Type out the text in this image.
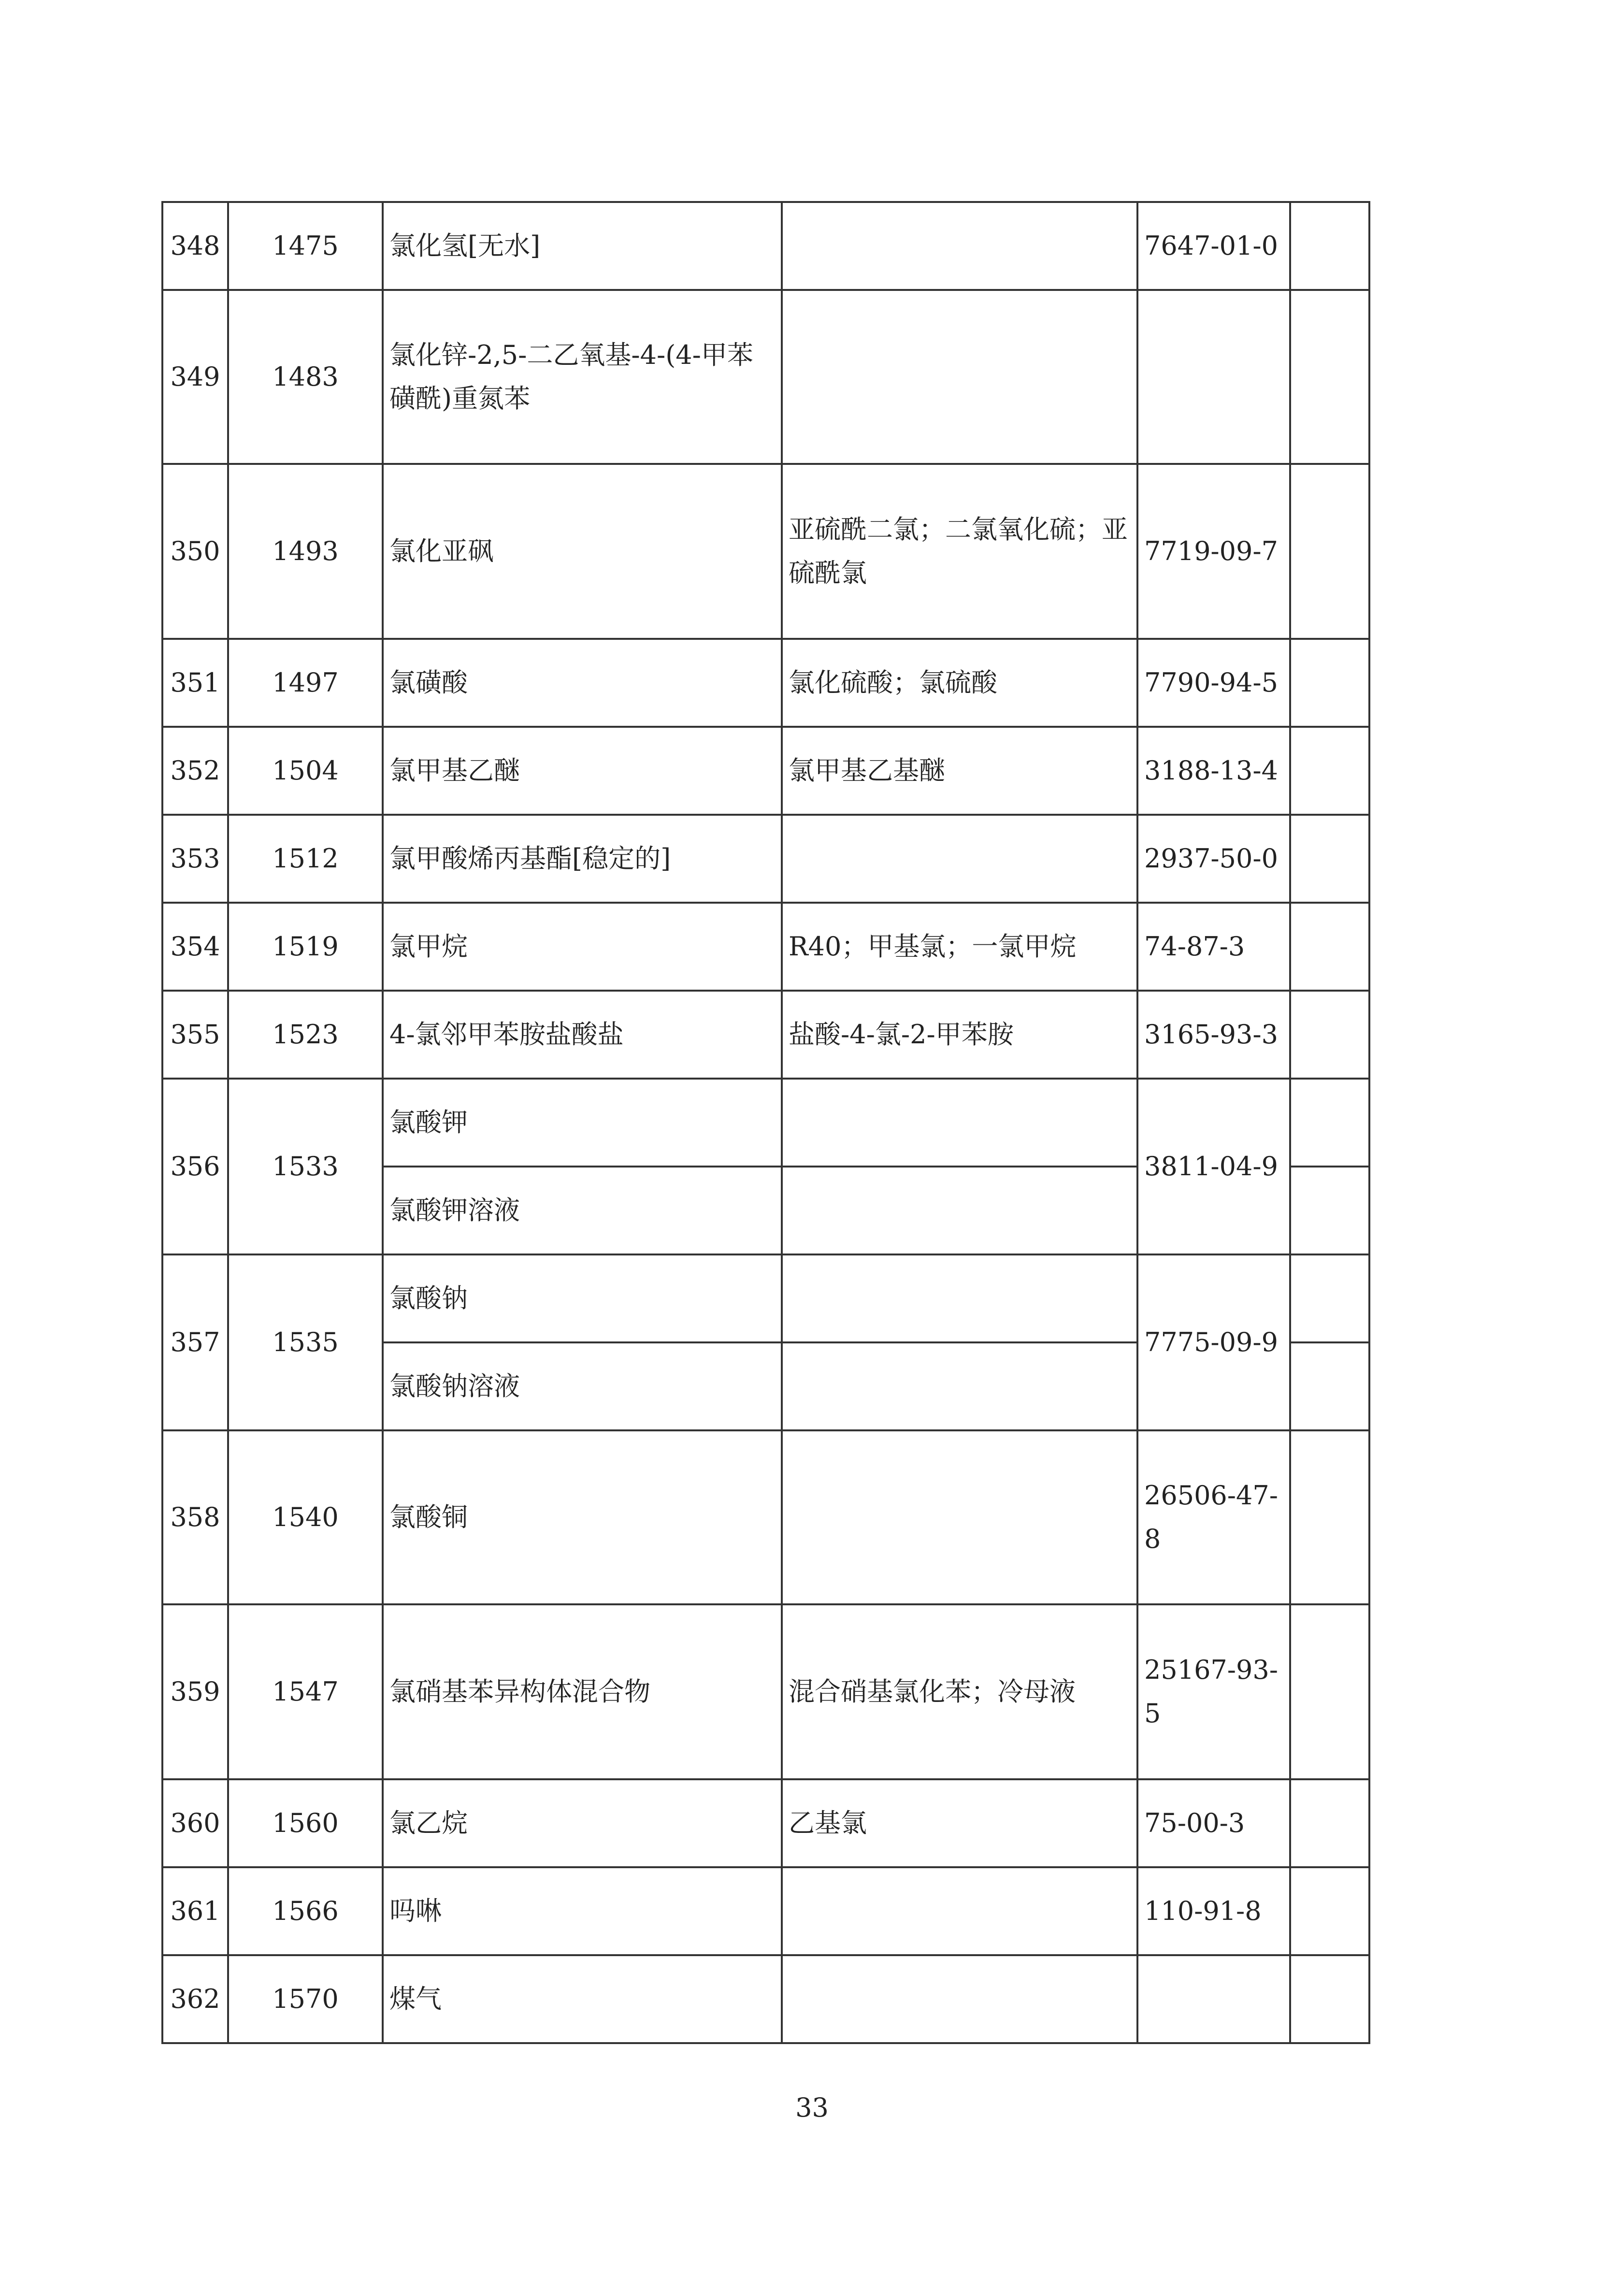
348	1475	氯化氢[无水]		7647-01-0	
349	1483	氯化锌-2,5-二乙氧基-4-(4-甲苯磺酰)重氮苯			
350	1493	氯化亚砜	亚硫酰二氯；二氯氧化硫；亚硫酰氯	7719-09-7	
351	1497	氯磺酸	氯化硫酸；氯硫酸	7790-94-5	
352	1504	氯甲基乙醚	氯甲基乙基醚	3188-13-4	
353	1512	氯甲酸烯丙基酯[稳定的]		2937-50-0	
354	1519	氯甲烷	R40；甲基氯；一氯甲烷	74-87-3	
355	1523	4-氯邻甲苯胺盐酸盐	盐酸-4-氯-2-甲苯胺	3165-93-3	
356	1533	氯酸钾		3811-04-9	
		氯酸钾溶液			
357	1535	氯酸钠		7775-09-9	
		氯酸钠溶液			
358	1540	氯酸铜		26506-47-8	
359	1547	氯硝基苯异构体混合物	混合硝基氯化苯；冷母液	25167-93-5	
360	1560	氯乙烷	乙基氯	75-00-3	
361	1566	吗啉		110-91-8	
362	1570	煤气			
33
